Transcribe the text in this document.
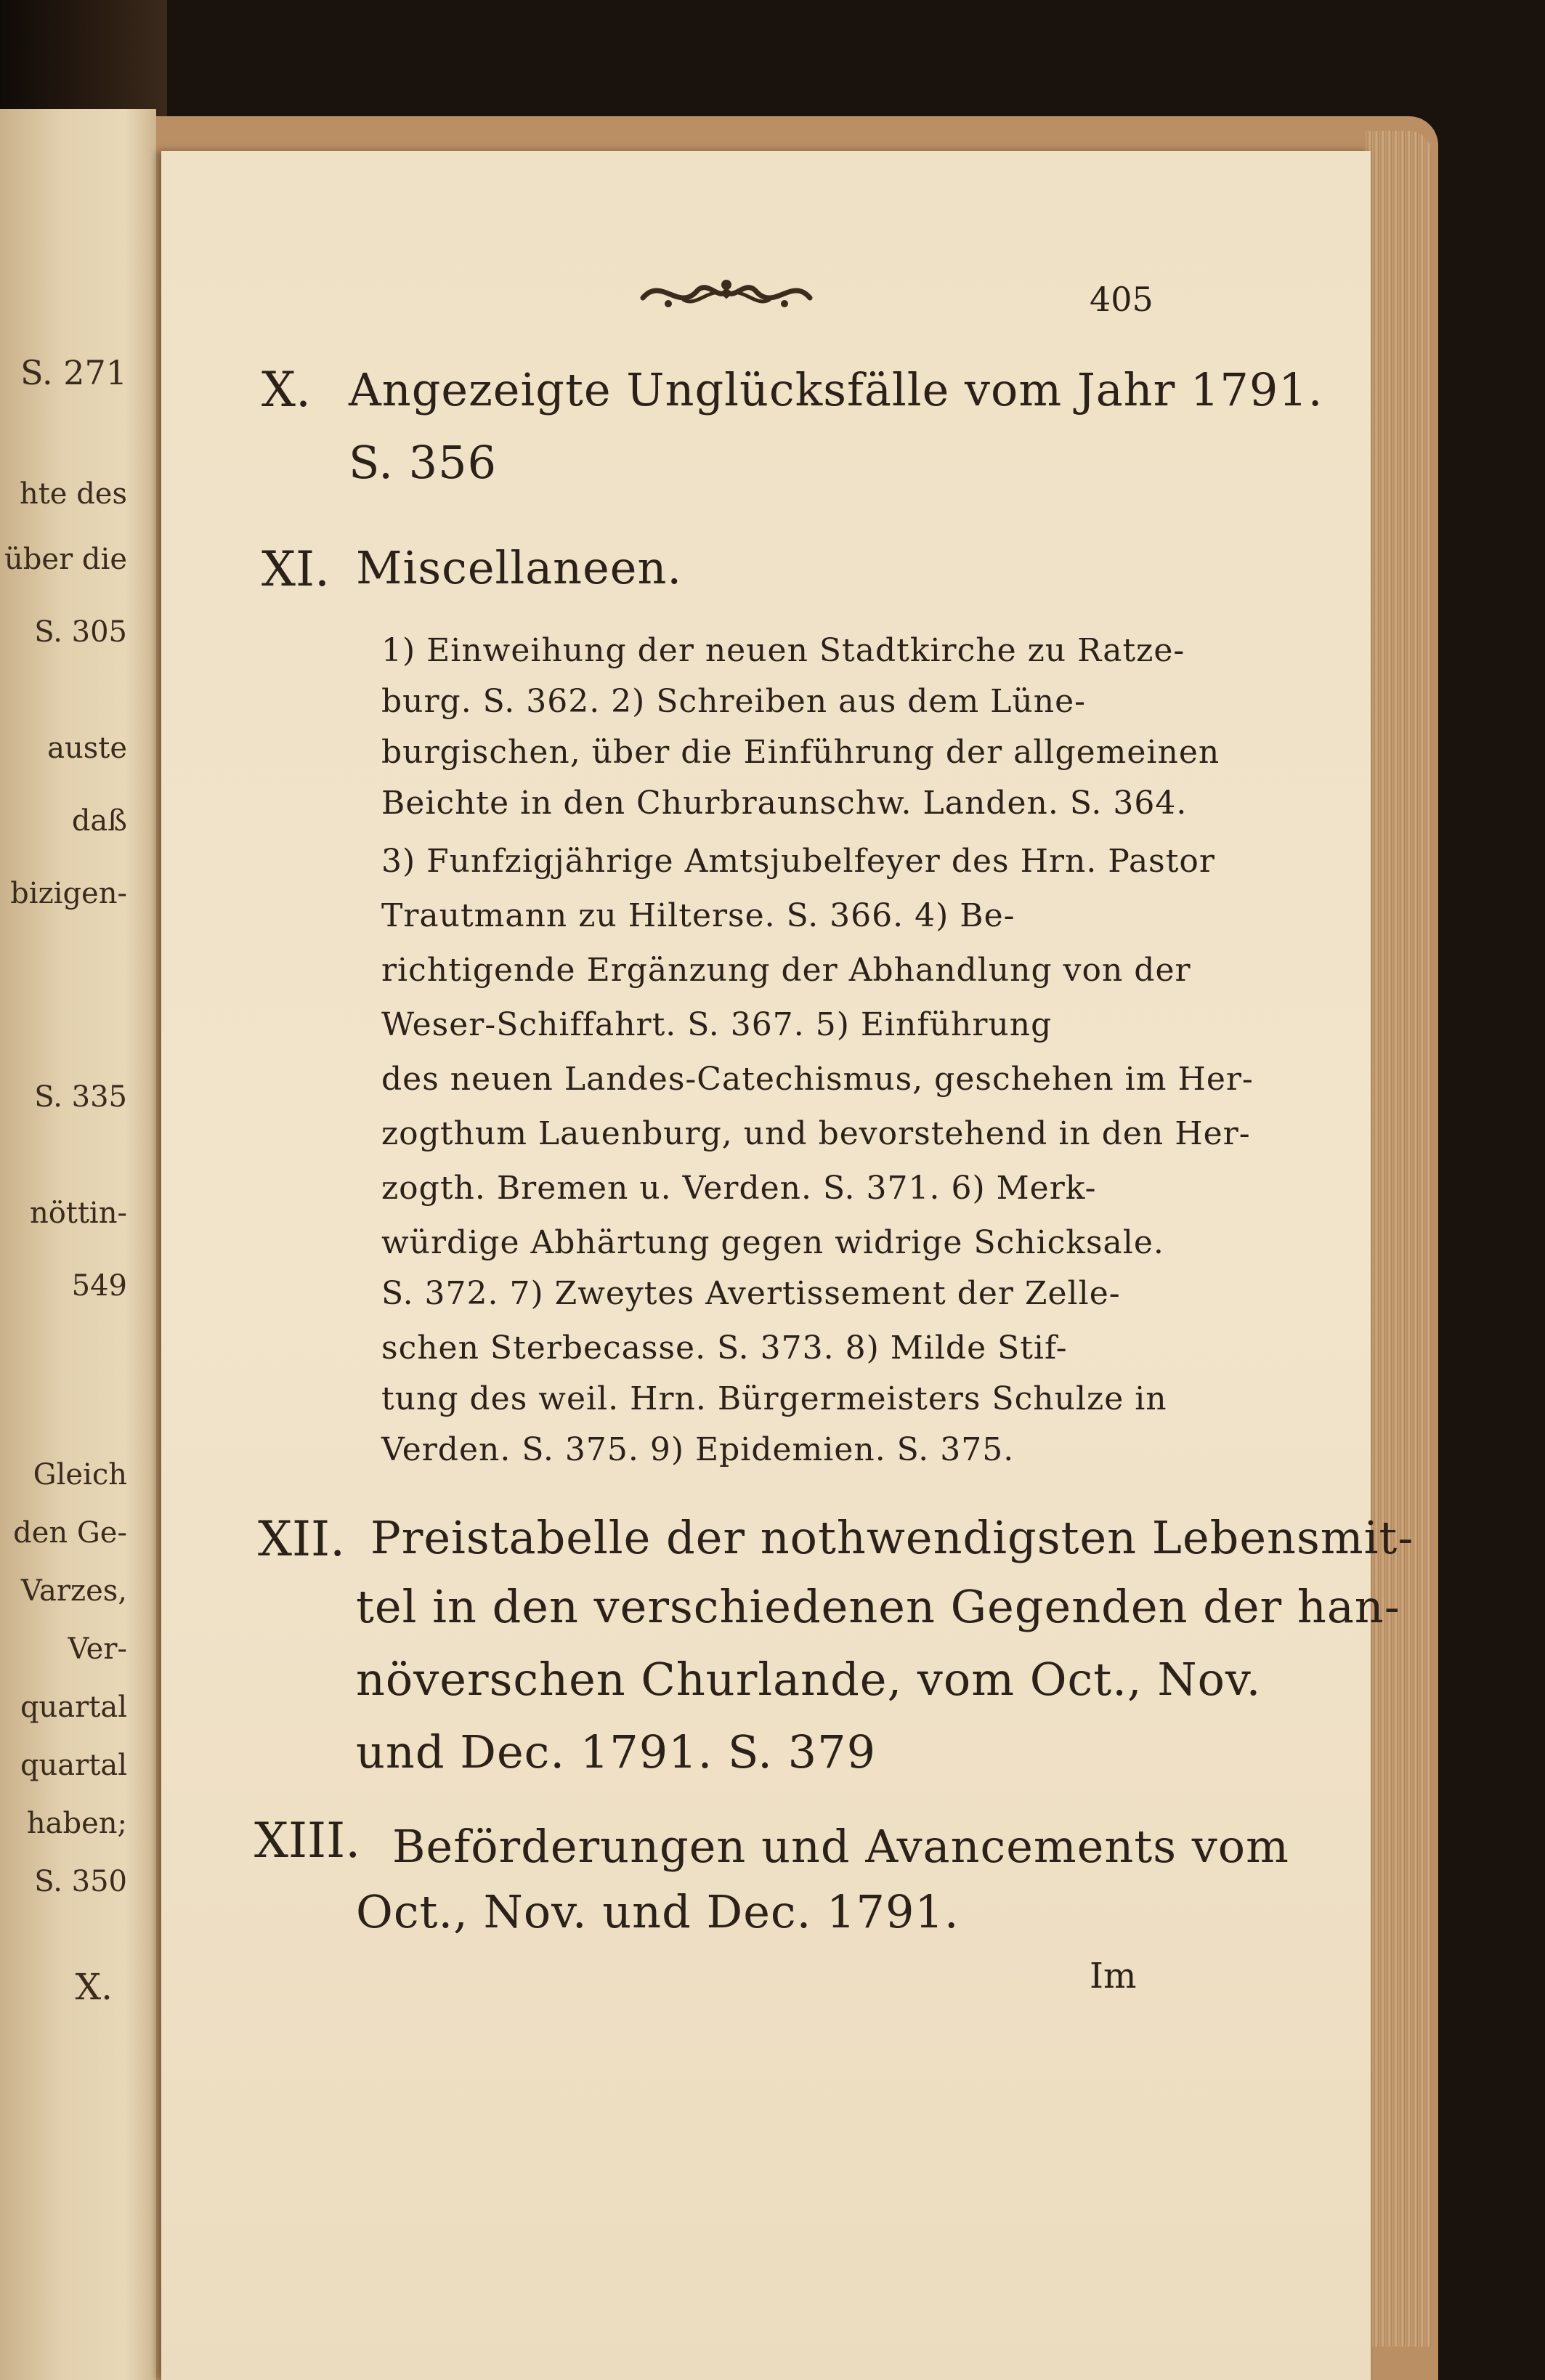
S. 271
hte des
über die
S. 305
auste
daß
bizigen-
S. 335
nöttin-
549
Gleich
den Ge-
Varzes,
Ver-
quartal
quartal
haben;
S. 350
X.
405
X. Angezeigte Unglücksfälle vom Jahr 1791.
S. 356
XI. Miscellaneen.
1) Einweihung der neuen Stadtkirche zu Ratze-
burg. S. 362. 2) Schreiben aus dem Lüne-
burgischen, über die Einführung der allgemeinen
Beichte in den Churbraunschw. Landen. S. 364.
3) Funfzigjährige Amtsjubelfeyer des Hrn. Pastor
Trautmann zu Hilterse. S. 366. 4) Be-
richtigende Ergänzung der Abhandlung von der
Weser-Schiffahrt. S. 367. 5) Einführung
des neuen Landes-Catechismus, geschehen im Her-
zogthum Lauenburg, und bevorstehend in den Her-
zogth. Bremen u. Verden. S. 371. 6) Merk-
würdige Abhärtung gegen widrige Schicksale.
S. 372. 7) Zweytes Avertissement der Zelle-
schen Sterbecasse. S. 373. 8) Milde Stif-
tung des weil. Hrn. Bürgermeisters Schulze in
Verden. S. 375. 9) Epidemien. S. 375.
XII. Preistabelle der nothwendigsten Lebensmit-
tel in den verschiedenen Gegenden der han-
növerschen Churlande, vom Oct., Nov.
und Dec. 1791. S. 379
XIII. Beförderungen und Avancements vom
Oct., Nov. und Dec. 1791.
Im
